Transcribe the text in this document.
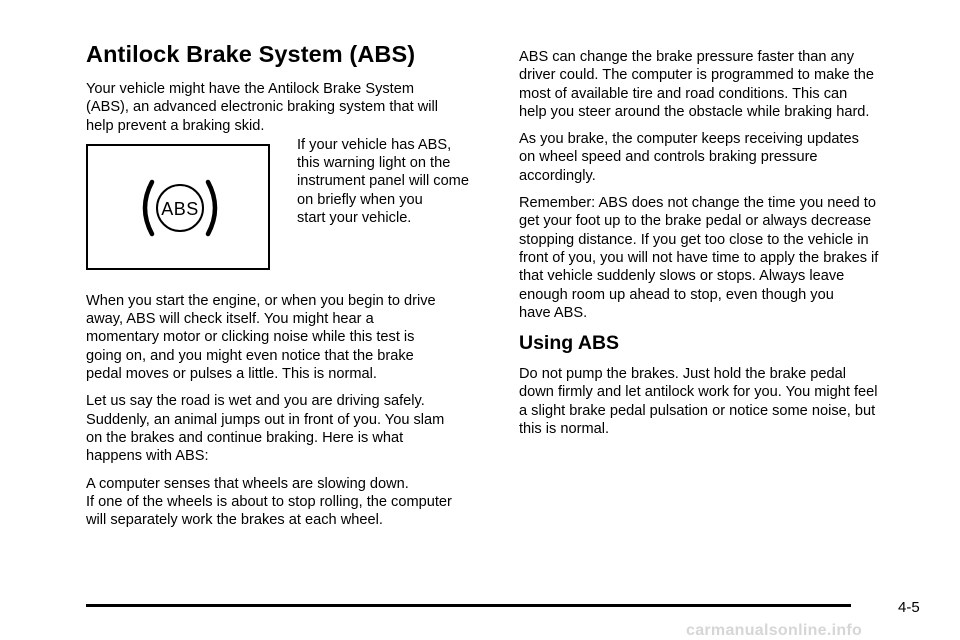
Antilock Brake System (ABS)

Your vehicle might have the Antilock Brake System
(ABS), an advanced electronic braking system that will
help prevent a braking skid.

ABS

If your vehicle has ABS,
this warning light on the
instrument panel will come
on briefly when you
start your vehicle.

When you start the engine, or when you begin to drive
away, ABS will check itself. You might hear a
momentary motor or clicking noise while this test is
going on, and you might even notice that the brake
pedal moves or pulses a little. This is normal.

Let us say the road is wet and you are driving safely.
Suddenly, an animal jumps out in front of you. You slam
on the brakes and continue braking. Here is what
happens with ABS:

A computer senses that wheels are slowing down.
If one of the wheels is about to stop rolling, the computer
will separately work the brakes at each wheel.

ABS can change the brake pressure faster than any
driver could. The computer is programmed to make the
most of available tire and road conditions. This can
help you steer around the obstacle while braking hard.

As you brake, the computer keeps receiving updates
on wheel speed and controls braking pressure
accordingly.

Remember: ABS does not change the time you need to
get your foot up to the brake pedal or always decrease
stopping distance. If you get too close to the vehicle in
front of you, you will not have time to apply the brakes if
that vehicle suddenly slows or stops. Always leave
enough room up ahead to stop, even though you
have ABS.

Using ABS

Do not pump the brakes. Just hold the brake pedal
down firmly and let antilock work for you. You might feel
a slight brake pedal pulsation or notice some noise, but
this is normal.

4-5
carmanualsonline.info
